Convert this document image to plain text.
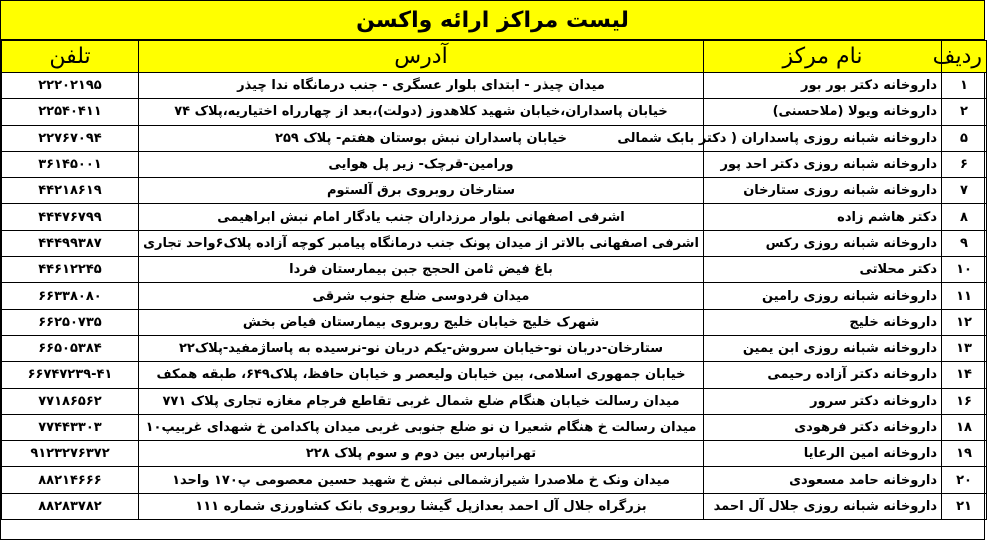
لیست مراکز ارائه واکسن
ردیف	نام مرکز	آدرس	تلفن
۱	داروخانه دکتر بور بور	میدان چیذر - ابتدای بلوار عسگری - جنب درمانگاه ندا چیذر	۲۲۲۰۲۱۹۵
۲	داروخانه ویولا (ملاحسنی)	خیابان پاسداران،خیابان شهید کلاهدوز (دولت)،بعد از چهارراه اختیاریه،پلاک ۷۴	۲۲۵۴۰۴۱۱
۵	داروخانه شبانه روزی پاسداران ( دکتر بابک شمالی	خیابان پاسداران نبش بوستان هفتم- پلاک ۲۵۹	۲۲۷۶۷۰۹۴
۶	داروخانه شبانه روزی دکتر احد پور	ورامین-قرچک- زیر پل هوایی	۳۶۱۴۵۰۰۱
۷	داروخانه شبانه روزی ستارخان	ستارخان روبروی برق آلستوم	۴۴۲۱۸۶۱۹
۸	دکتر هاشم زاده	اشرفی اصفهانی بلوار مرزداران جنب یادگار امام نبش ابراهیمی	۴۴۴۷۶۷۹۹
۹	داروخانه شبانه روزی رکس	اشرفی اصفهانی بالاتر از میدان پونک جنب درمانگاه پیامبر کوچه آزاده پلاک۶واحد تجاری	۴۴۴۹۹۳۸۷
۱۰	دکتر محلاتی	باغ فیض ثامن الحجج جبن بیمارستان فردا	۴۴۶۱۲۲۴۵
۱۱	داروخانه شبانه روزی رامین	میدان فردوسی ضلع جنوب شرقی	۶۶۳۳۸۰۸۰
۱۲	داروخانه خلیج	شهرک خلیج خیابان خلیج روبروی بیمارستان فیاض بخش	۶۶۲۵۰۷۳۵
۱۳	داروخانه شبانه روزی ابن یمین	ستارخان-دربان نو-خیابان سروش-یکم دربان نو-نرسیده به پاساژمفید-پلاک۲۲	۶۶۵۰۵۳۸۴
۱۴	داروخانه دکتر آزاده رحیمی	خیابان جمهوری اسلامی، بین خیابان ولیعصر و خیابان حافظ، پلاک۶۴۹، طبقه همکف	۶۶۷۴۷۲۳۹-۴۱
۱۶	داروخانه دکتر سرور	میدان رسالت خیابان هنگام ضلع شمال غربی تقاطع فرجام مغازه تجاری پلاک ۷۷۱	۷۷۱۸۶۵۶۲
۱۸	داروخانه دکتر فرهودی	میدان رسالت خ هنگام شعیرا ن نو ضلع جنوبی غربی میدان پاکدامن خ شهدای غربیپ۱۰	۷۷۴۴۳۳۰۳
۱۹	داروخانه امین الرعایا	تهرانپارس بین دوم و سوم پلاک ۲۲۸	۹۱۲۳۲۷۶۳۷۲
۲۰	داروخانه حامد مسعودی	میدان ونک خ ملاصدرا شیرازشمالی نبش خ شهید حسین معصومی پ۱۷۰ واحد۱	۸۸۲۱۴۶۶۶
۲۱	داروخانه شبانه روزی جلال آل احمد	بزرگراه جلال آل احمد بعدازپل گیشا روبروی بانک کشاورزی شماره ۱۱۱	۸۸۲۸۳۷۸۲
